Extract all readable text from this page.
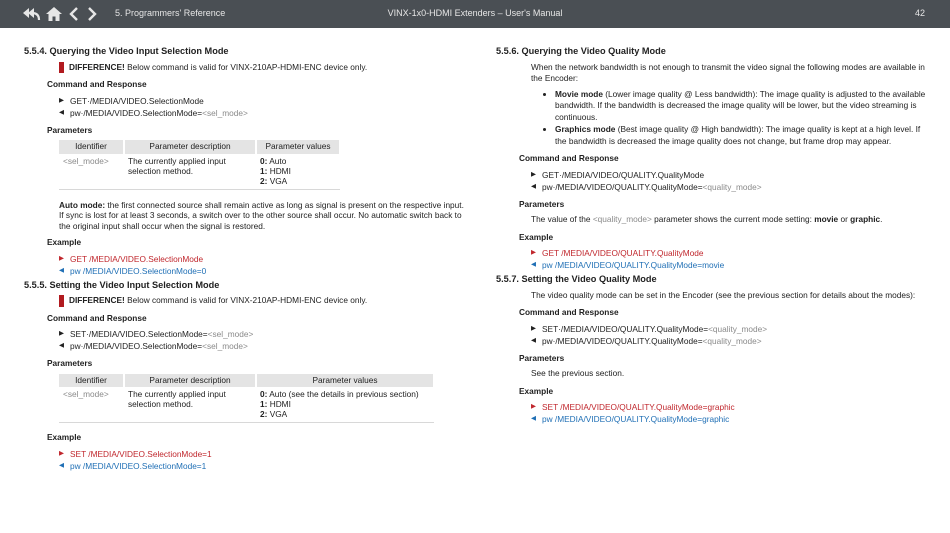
5. Programmers' Reference	VINX-1x0-HDMI Extenders – User's Manual	42
5.5.4. Querying the Video Input Selection Mode
DIFFERENCE! Below command is valid for VINX-210AP-HDMI-ENC device only.
Command and Response
▶ GET·/MEDIA/VIDEO.SelectionMode
◀ pw·/MEDIA/VIDEO.SelectionMode= <sel_mode>
Parameters
Identifier	Parameter description	Parameter values
<sel_mode>	The currently applied input selection method.	0: Auto
1: HDMI
2: VGA
Auto mode: the first connected source shall remain active as long as signal is present on the respective input. If sync is lost for at least 3 seconds, a switch over to the other source shall occur. No automatic switch back to the original input shall occur when the signal is restored.
Example
▶ GET /MEDIA/VIDEO.SelectionMode
◀ pw /MEDIA/VIDEO.SelectionMode=0
5.5.5. Setting the Video Input Selection Mode
DIFFERENCE! Below command is valid for VINX-210AP-HDMI-ENC device only.
Command and Response
▶ SET·/MEDIA/VIDEO.SelectionMode= <sel_mode>
◀ pw·/MEDIA/VIDEO.SelectionMode= <sel_mode>
Parameters
Identifier	Parameter description	Parameter values
<sel_mode>	The currently applied input selection method.	0: Auto (see the details in previous section)
1: HDMI
2: VGA
Example
▶ SET /MEDIA/VIDEO.SelectionMode=1
◀ pw /MEDIA/VIDEO.SelectionMode=1
5.5.6. Querying the Video Quality Mode
When the network bandwidth is not enough to transmit the video signal the following modes are available in the Encoder:
• Movie mode (Lower image quality @ Less bandwidth): The image quality is adjusted to the available bandwidth. If the bandwidth is decreased the image quality will be lower, but the video streaming is continuous.
• Graphics mode (Best image quality @ High bandwidth): The image quality is kept at a high level. If the bandwidth is decreased the image quality does not change, but frame drop may appear.
Command and Response
▶ GET·/MEDIA/VIDEO/QUALITY.QualityMode
◀ pw·/MEDIA/VIDEO/QUALITY.QualityMode= <quality_mode>
Parameters
The value of the <quality_mode> parameter shows the current mode setting: movie or graphic.
Example
▶ GET /MEDIA/VIDEO/QUALITY.QualityMode
◀ pw /MEDIA/VIDEO/QUALITY.QualityMode=movie
5.5.7. Setting the Video Quality Mode
The video quality mode can be set in the Encoder (see the previous section for details about the modes):
Command and Response
▶ SET·/MEDIA/VIDEO/QUALITY.QualityMode= <quality_mode>
◀ pw·/MEDIA/VIDEO/QUALITY.QualityMode= <quality_mode>
Parameters
See the previous section.
Example
▶ SET /MEDIA/VIDEO/QUALITY.QualityMode=graphic
◀ pw /MEDIA/VIDEO/QUALITY.QualityMode=graphic
